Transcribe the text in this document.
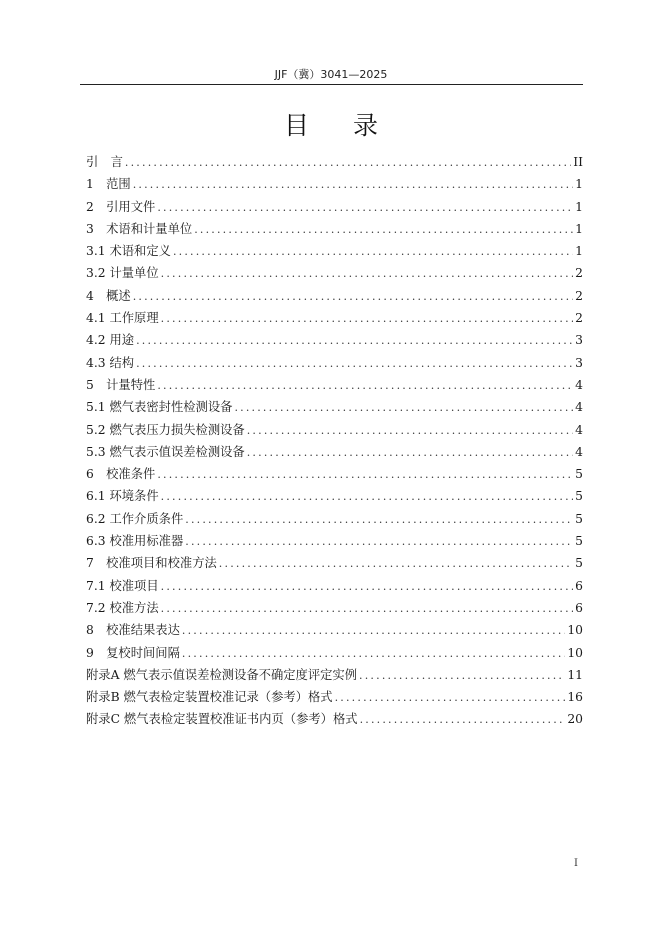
JJF（冀）3041—2025
目录
引　言 .....	II
1　范围 .....	1
2　引用文件 .....	1
3　术语和计量单位 .....	1
3.1 术语和定义 .....	1
3.2 计量单位 .....	2
4　概述 .....	2
4.1 工作原理 .....	2
4.2 用途 .....	3
4.3 结构 .....	3
5　计量特性 .....	4
5.1 燃气表密封性检测设备 .....	4
5.2 燃气表压力损失检测设备 .....	4
5.3 燃气表示值误差检测设备 .....	4
6　校准条件 .....	5
6.1 环境条件 .....	5
6.2 工作介质条件 .....	5
6.3 校准用标准器 .....	5
7　校准项目和校准方法 .....	5
7.1 校准项目 .....	6
7.2 校准方法 .....	6
8　校准结果表达 .....	10
9　复校时间间隔 .....	10
附录A 燃气表示值误差检测设备不确定度评定实例 .....	11
附录B 燃气表检定装置校准记录（参考）格式 .....	16
附录C 燃气表检定装置校准证书内页（参考）格式 .....	20
I
